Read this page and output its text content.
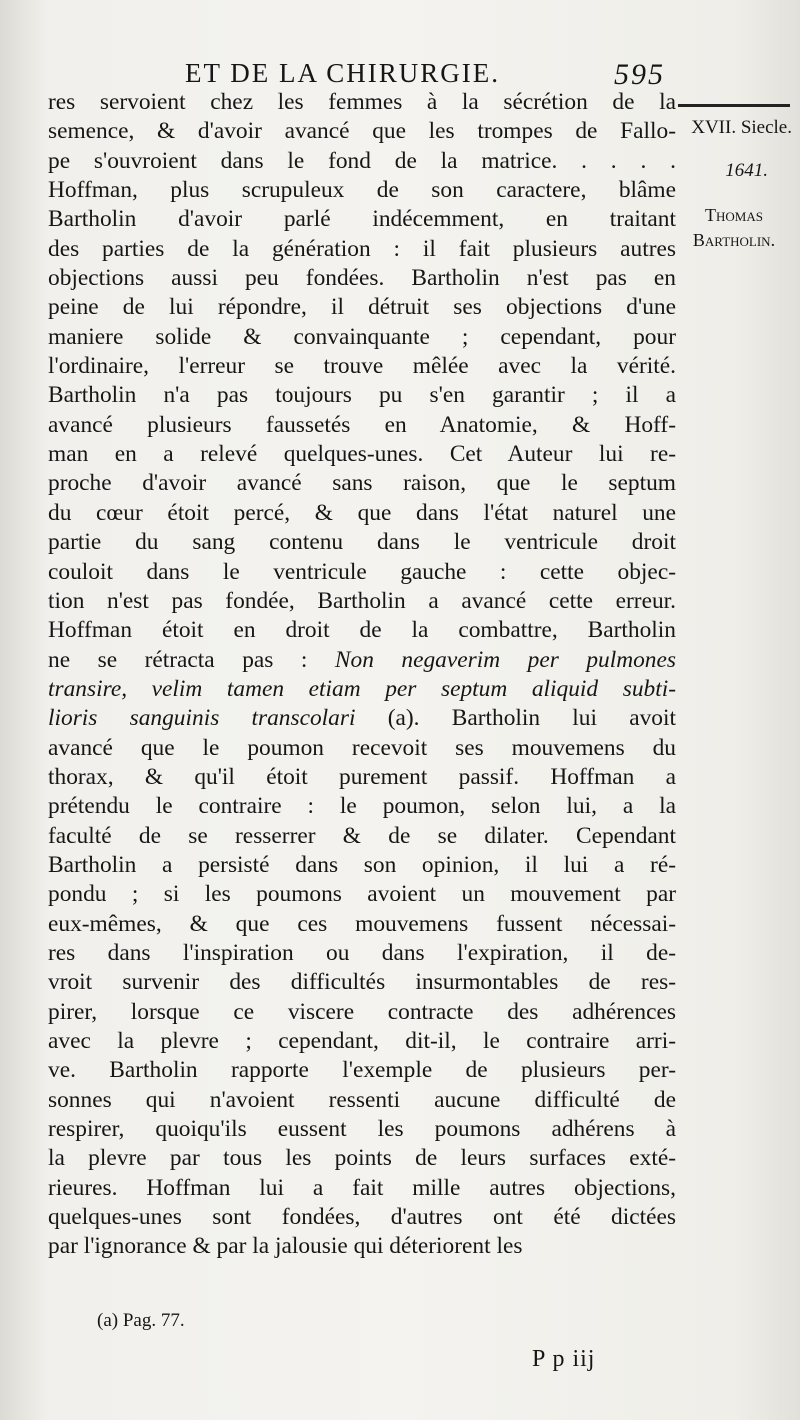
ET DE LA CHIRURGIE.	595
XVII. Siecle.
1641.
Thomas
Bartholin.
res servoient chez les femmes à la sécrétion de la
semence, & d'avoir avancé que les trompes de Fallo-
pe s'ouvroient dans le fond de la matrice. . . . .
Hoffman, plus scrupuleux de son caractere, blâme
Bartholin d'avoir parlé indécemment, en traitant
des parties de la génération : il fait plusieurs autres
objections aussi peu fondées. Bartholin n'est pas en
peine de lui répondre, il détruit ses objections d'une
maniere solide & convainquante ; cependant, pour
l'ordinaire, l'erreur se trouve mêlée avec la vérité.
Bartholin n'a pas toujours pu s'en garantir ; il a
avancé plusieurs faussetés en Anatomie, & Hoff-
man en a relevé quelques-unes. Cet Auteur lui re-
proche d'avoir avancé sans raison, que le septum
du cœur étoit percé, & que dans l'état naturel une
partie du sang contenu dans le ventricule droit
couloit dans le ventricule gauche : cette objec-
tion n'est pas fondée, Bartholin a avancé cette erreur.
Hoffman étoit en droit de la combattre, Bartholin
ne se rétracta pas : Non negaverim per pulmones
transire, velim tamen etiam per septum aliquid subti-
lioris sanguinis transcolari (a). Bartholin lui avoit
avancé que le poumon recevoit ses mouvemens du
thorax, & qu'il étoit purement passif. Hoffman a
prétendu le contraire : le poumon, selon lui, a la
faculté de se resserrer & de se dilater. Cependant
Bartholin a persisté dans son opinion, il lui a ré-
pondu ; si les poumons avoient un mouvement par
eux-mêmes, & que ces mouvemens fussent nécessai-
res dans l'inspiration ou dans l'expiration, il de-
vroit survenir des difficultés insurmontables de res-
pirer, lorsque ce viscere contracte des adhérences
avec la plevre ; cependant, dit-il, le contraire arri-
ve. Bartholin rapporte l'exemple de plusieurs per-
sonnes qui n'avoient ressenti aucune difficulté de
respirer, quoiqu'ils eussent les poumons adhérens à
la plevre par tous les points de leurs surfaces exté-
rieures. Hoffman lui a fait mille autres objections,
quelques-unes sont fondées, d'autres ont été dictées
par l'ignorance & par la jalousie qui déteriorent les
(a) Pag. 77.
P p iij
